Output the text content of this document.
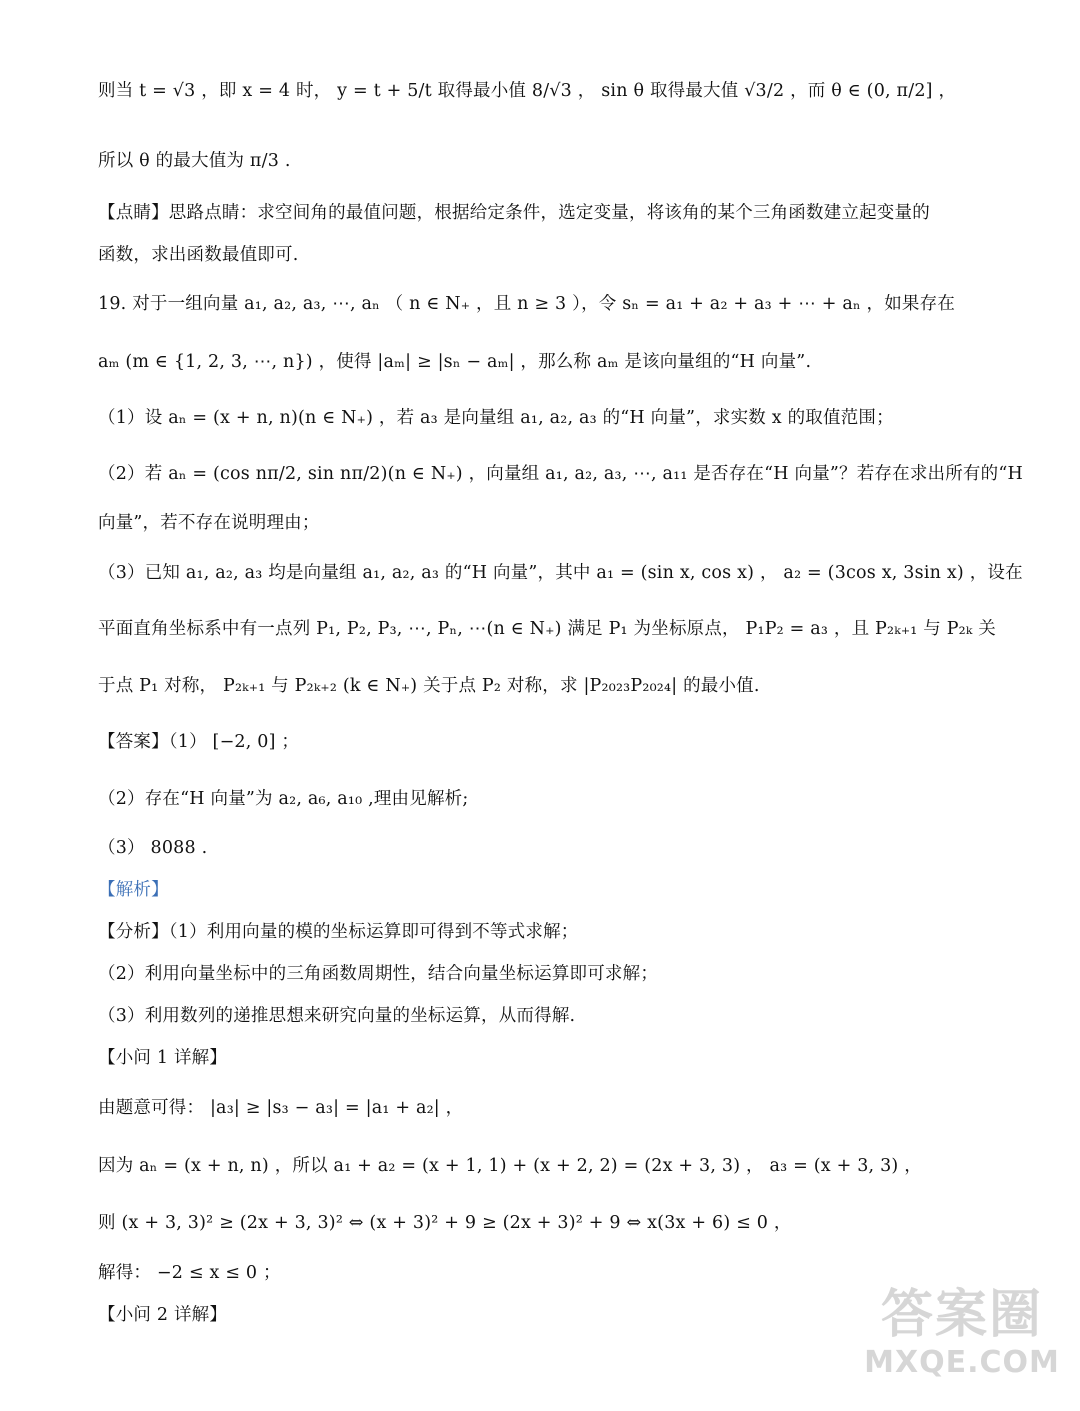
则当 t = √3 ，即 x = 4 时， y = t + 5/t 取得最小值 8/√3 ， sin θ 取得最大值 √3/2 ，而 θ ∈ (0, π/2] ，
所以 θ 的最大值为 π/3 .
【点睛】思路点睛：求空间角的最值问题，根据给定条件，选定变量，将该角的某个三角函数建立起变量的
函数，求出函数最值即可.
19. 对于一组向量 a₁, a₂, a₃, ⋯, aₙ （ n ∈ N₊ ，且 n ≥ 3 ），令 sₙ = a₁ + a₂ + a₃ + ⋯ + aₙ ，如果存在
aₘ (m ∈ {1, 2, 3, ⋯, n}) ，使得 |aₘ| ≥ |sₙ − aₘ| ，那么称 aₘ 是该向量组的“H 向量”.
（1）设 aₙ = (x + n, n)(n ∈ N₊) ，若 a₃ 是向量组 a₁, a₂, a₃ 的“H 向量”，求实数 x 的取值范围；
（2）若 aₙ = (cos nπ/2, sin nπ/2)(n ∈ N₊) ，向量组 a₁, a₂, a₃, ⋯, a₁₁ 是否存在“H 向量”？若存在求出所有的“H
向量”，若不存在说明理由；
（3）已知 a₁, a₂, a₃ 均是向量组 a₁, a₂, a₃ 的“H 向量”，其中 a₁ = (sin x, cos x) ， a₂ = (3cos x, 3sin x) ，设在
平面直角坐标系中有一点列 P₁, P₂, P₃, ⋯, Pₙ, ⋯(n ∈ N₊) 满足 P₁ 为坐标原点， P₁P₂ = a₃ ，且 P₂ₖ₊₁ 与 P₂ₖ 关
于点 P₁ 对称， P₂ₖ₊₁ 与 P₂ₖ₊₂ (k ∈ N₊) 关于点 P₂ 对称，求 |P₂₀₂₃P₂₀₂₄| 的最小值.
【答案】（1） [−2, 0] ；
（2）存在“H 向量”为 a₂, a₆, a₁₀ ,理由见解析;
（3） 8088 .
【解析】
【分析】（1）利用向量的模的坐标运算即可得到不等式求解；
（2）利用向量坐标中的三角函数周期性，结合向量坐标运算即可求解；
（3）利用数列的递推思想来研究向量的坐标运算，从而得解.
【小问 1 详解】
由题意可得： |a₃| ≥ |s₃ − a₃| = |a₁ + a₂| ，
因为 aₙ = (x + n, n) ，所以 a₁ + a₂ = (x + 1, 1) + (x + 2, 2) = (2x + 3, 3) ， a₃ = (x + 3, 3) ，
则 (x + 3, 3)² ≥ (2x + 3, 3)² ⇔ (x + 3)² + 9 ≥ (2x + 3)² + 9 ⇔ x(3x + 6) ≤ 0 ，
解得： −2 ≤ x ≤ 0 ；
【小问 2 详解】	答案圈
MXQE.COM
